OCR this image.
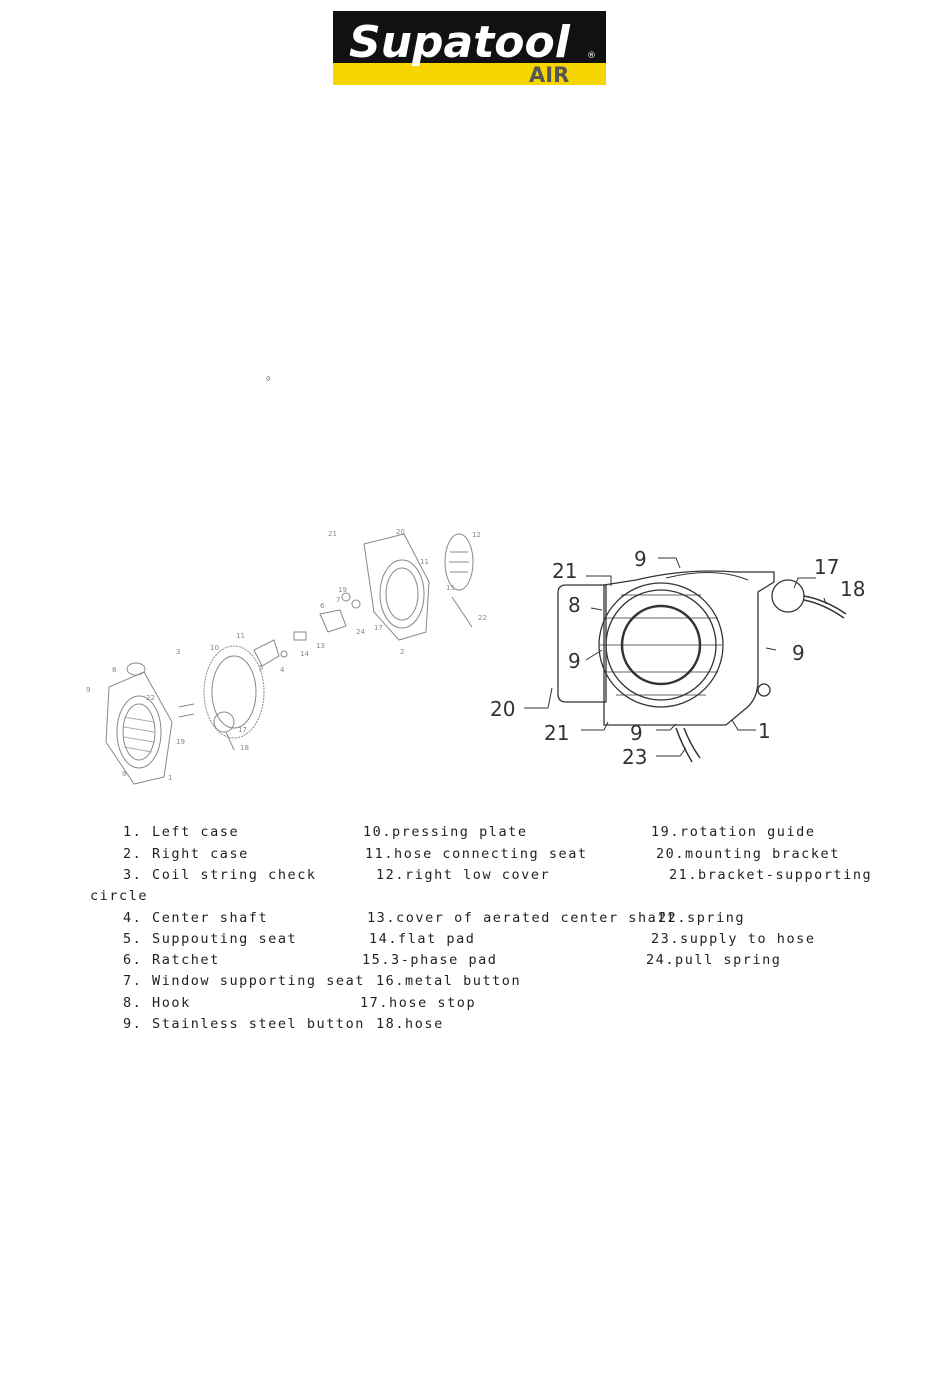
Supatool ®
AIR
。
21	20	12
11
15
22
19
7
17
24
6
13
14
11
10
3
5 4
8
9
22
17
18
19
9	1
2
9
21
8
9	9
17
18
20
21	9
23
1
1. Left case
2. Right case
3. Coil string check
circle
4. Center shaft
5. Suppouting seat
6. Ratchet
7. Window supporting seat
8. Hook
9. Stainless steel button
10.pressing plate
11.hose connecting seat
12.right low cover
13.cover of aerated center shaft
14.flat pad
15.3-phase pad
16.metal button
17.hose stop
18.hose
19.rotation guide
20.mounting bracket
21.bracket-supporting
22.spring
23.supply to hose
24.pull spring
